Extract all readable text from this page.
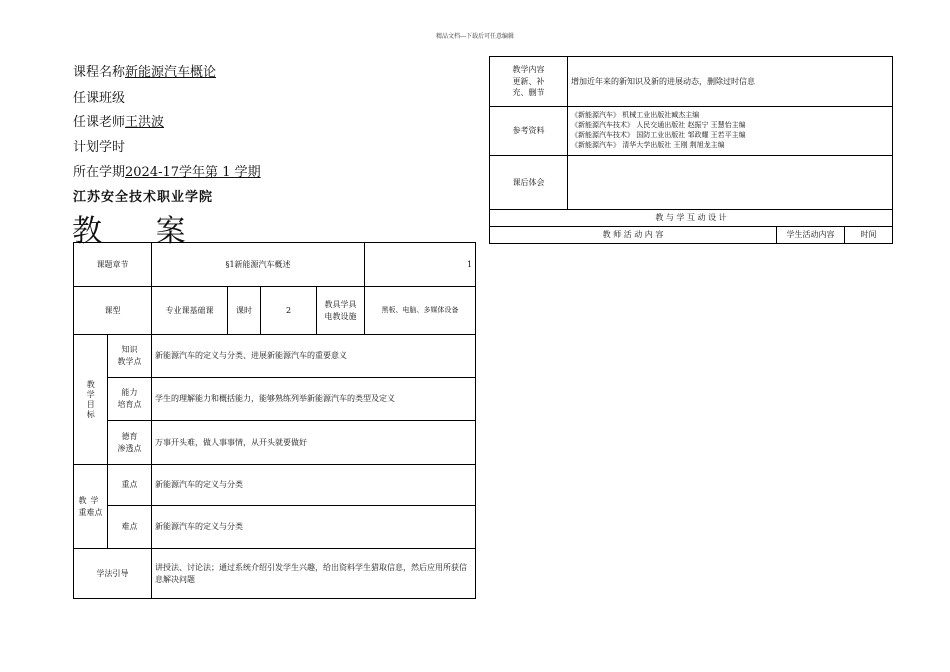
精品文档---下载后可任意编辑
课程名称新能源汽车概论
任课班级
任课老师王洪波
计划学时
所在学期2024-17学年第 1 学期
江苏安全技术职业学院
教 案
课题章节		§1新能源汽车概述				1
课型		专业课基础课	课时	2	教具学具
电教设施	黑板、电脑、多媒体设备

教学目标	知识
教学点	新能源汽车的定义与分类、进展新能源汽车的重要意义				

	能力
培育点	学生的理解能力和概括能力，能够熟练列举新能源汽车的类型及定义				

	德育
渗透点	万事开头难，做人事事情，从开头就要做好				

教学
重难点	重点	新能源汽车的定义与分类				
	难点	新能源汽车的定义与分类				
学法引导		讲授法、讨论法；通过系统介绍引发学生兴趣，给出资料学生猎取信息，然后应用所获信息解决问题				
教学内容
更新、补
充、删节	增加近年来的新知识及新的进展动态，删除过时信息		
参考资料	《新能源汽车》 机械工业出版社臧杰主编
《新能源汽车技术》 人民交通出版社 赵振宁 王慧怡主编
《新能源汽车技术》 国防工业出版社 邹政耀 王若平主编
《新能源汽车》 清华大学出版社 王刚 荆旭龙主编		

课后体会			
教 与 学 互 动 设 计			
教 师 活 动 内 容		学生活动内容	时间
